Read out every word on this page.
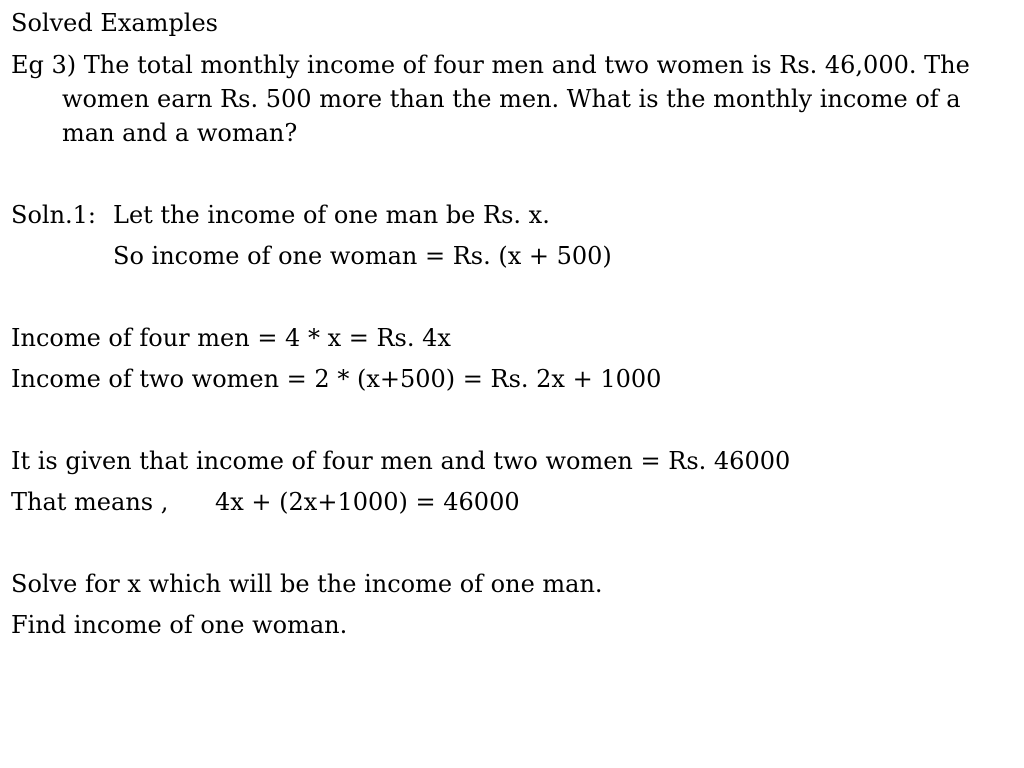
Solved Examples
Eg 3) The total monthly income of four men and two women is Rs. 46,000. The women earn Rs. 500 more than the men. What is the monthly income of a man and a woman?
Soln.1: Let the income of one man be Rs. x.
So income of one woman = Rs. (x + 500)
Income of four men = 4 * x = Rs. 4x
Income of two women = 2 * (x+500) = Rs. 2x + 1000
It is given that income of four men and two women = Rs. 46000
That means , 4x + (2x+1000) = 46000
Solve for x which will be the income of one man.
Find income of one woman.
